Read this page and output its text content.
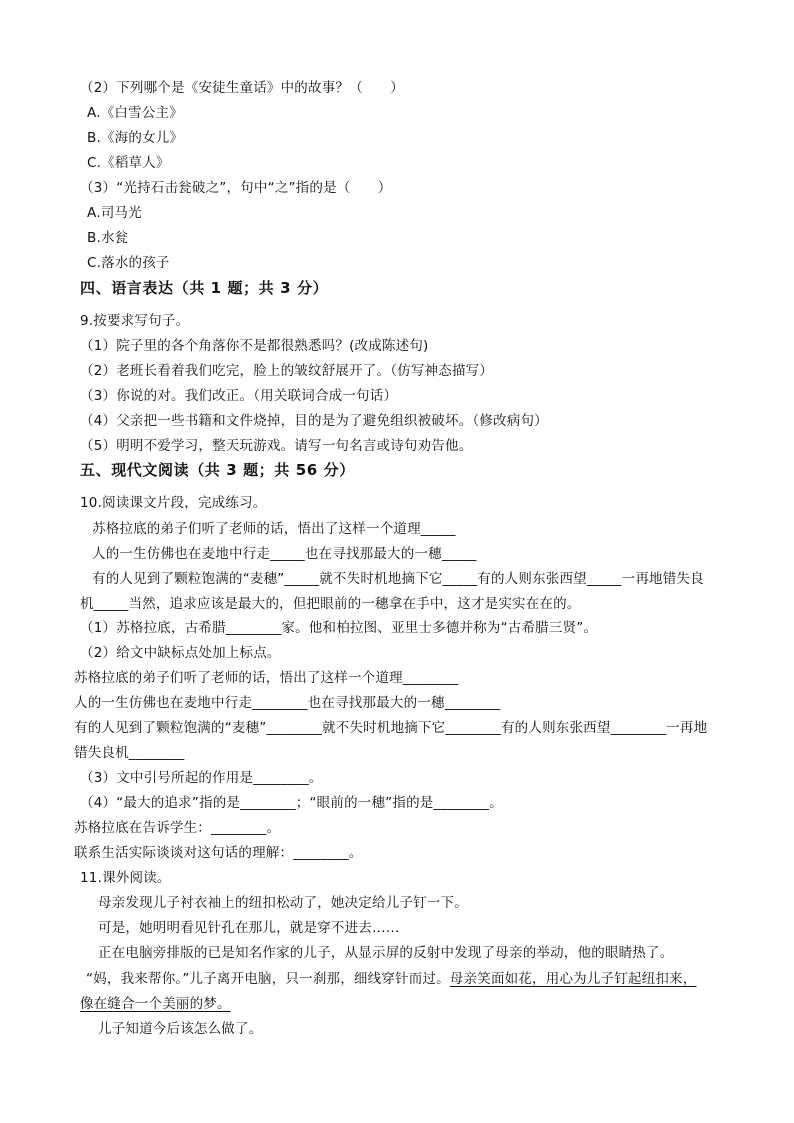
（2）下列哪个是《安徒生童话》中的故事？（　　）
A.《白雪公主》
B.《海的女儿》
C.《稻草人》
（3）“光持石击瓮破之”，句中“之”指的是（　　）
A.司马光
B.水瓮
C.落水的孩子
四、语言表达（共 1 题；共 3 分）
9.按要求写句子。
（1）院子里的各个角落你不是都很熟悉吗？(改成陈述句)
（2）老班长看着我们吃完，脸上的皱纹舒展开了。（仿写神态描写）
（3）你说的对。我们改正。（用关联词合成一句话）
（4）父亲把一些书籍和文件烧掉，目的是为了避免组织被破坏。（修改病句）
（5）明明不爱学习，整天玩游戏。请写一句名言或诗句劝告他。
五、现代文阅读（共 3 题；共 56 分）
10.阅读课文片段，完成练习。
苏格拉底的弟子们听了老师的话，悟出了这样一个道理_____
人的一生仿佛也在麦地中行走_____也在寻找那最大的一穗_____
有的人见到了颗粒饱满的“麦穗”_____就不失时机地摘下它_____有的人则东张西望_____一再地错失良
机_____当然，追求应该是最大的，但把眼前的一穗拿在手中，这才是实实在在的。
（1）苏格拉底，古希腊________家。他和柏拉图、亚里士多德并称为“古希腊三贤”。
（2）给文中缺标点处加上标点。
苏格拉底的弟子们听了老师的话，悟出了这样一个道理________
人的一生仿佛也在麦地中行走________也在寻找那最大的一穗________
有的人见到了颗粒饱满的“麦穗”________就不失时机地摘下它________有的人则东张西望________一再地
错失良机________
（3）文中引号所起的作用是________。
（4）“最大的追求”指的是________；“眼前的一穗”指的是________。
苏格拉底在告诉学生：________。
联系生活实际谈谈对这句话的理解：________。
11.课外阅读。
母亲发现儿子衬衣袖上的纽扣松动了，她决定给儿子钉一下。
可是，她明明看见针孔在那儿，就是穿不进去……
正在电脑旁排版的已是知名作家的儿子，从显示屏的反射中发现了母亲的举动，他的眼睛热了。
“妈，我来帮你。”儿子离开电脑，只一刹那，细线穿针而过。母亲笑面如花，用心为儿子钉起纽扣来，
像在缝合一个美丽的梦。
儿子知道今后该怎么做了。
